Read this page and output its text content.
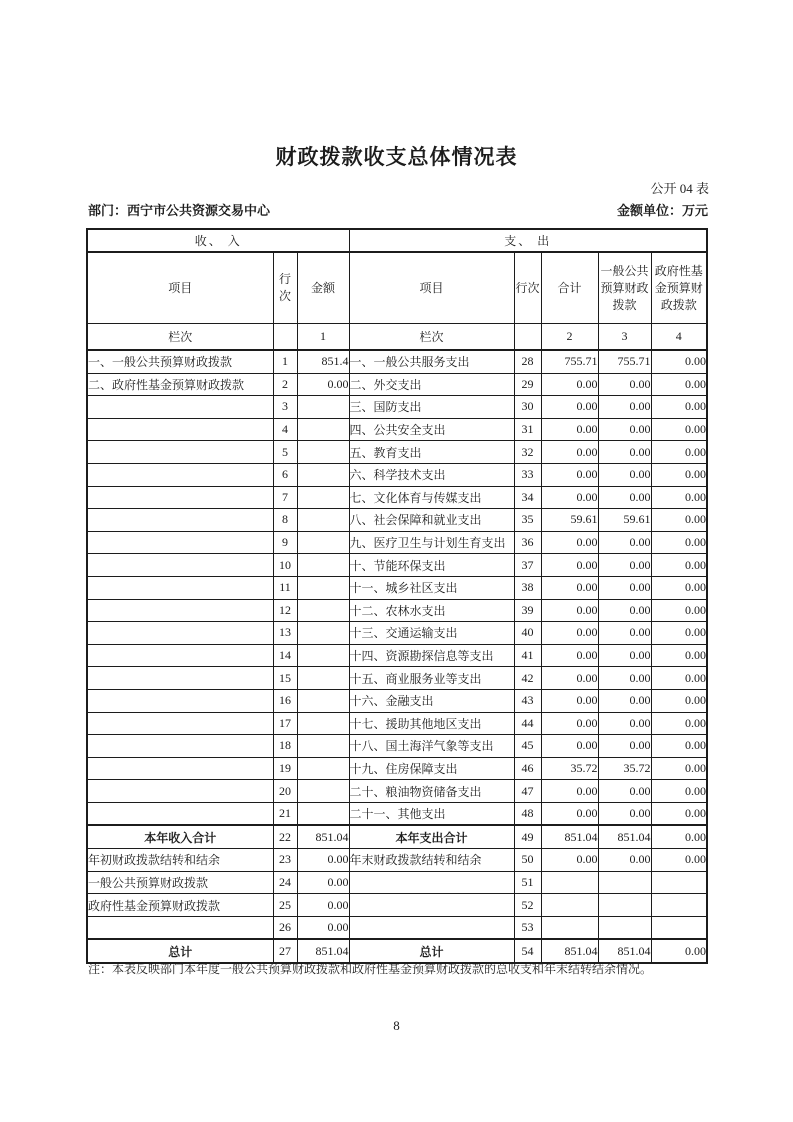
财政拨款收支总体情况表
公开 04 表
部门：西宁市公共资源交易中心	金额单位：万元
收、 入			支、 出				
项目	行次	金额	项目	行次	合计	一般公共预算财政拨款	政府性基金预算财政拨款
栏次		1	栏次		2	3	4
一、一般公共预算财政拨款	1	851.4	一、一般公共服务支出	28	755.71	755.71	0.00
二、政府性基金预算财政拨款	2	0.00	二、外交支出	29	0.00	0.00	0.00
	3		三、国防支出	30	0.00	0.00	0.00
	4		四、公共安全支出	31	0.00	0.00	0.00
	5		五、教育支出	32	0.00	0.00	0.00
	6		六、科学技术支出	33	0.00	0.00	0.00
	7		七、文化体育与传媒支出	34	0.00	0.00	0.00
	8		八、社会保障和就业支出	35	59.61	59.61	0.00
	9		九、医疗卫生与计划生育支出	36	0.00	0.00	0.00
	10		十、节能环保支出	37	0.00	0.00	0.00
	11		十一、城乡社区支出	38	0.00	0.00	0.00
	12		十二、农林水支出	39	0.00	0.00	0.00
	13		十三、交通运输支出	40	0.00	0.00	0.00
	14		十四、资源勘探信息等支出	41	0.00	0.00	0.00
	15		十五、商业服务业等支出	42	0.00	0.00	0.00
	16		十六、金融支出	43	0.00	0.00	0.00
	17		十七、援助其他地区支出	44	0.00	0.00	0.00
	18		十八、国土海洋气象等支出	45	0.00	0.00	0.00
	19		十九、住房保障支出	46	35.72	35.72	0.00
	20		二十、粮油物资储备支出	47	0.00	0.00	0.00
	21		二十一、其他支出	48	0.00	0.00	0.00
本年收入合计	22	851.04	本年支出合计	49	851.04	851.04	0.00
年初财政拨款结转和结余	23	0.00	年末财政拨款结转和结余	50	0.00	0.00	0.00
一般公共预算财政拨款	24	0.00		51			
政府性基金预算财政拨款	25	0.00		52			
	26	0.00		53			
总计	27	851.04	总计	54	851.04	851.04	0.00
注：本表反映部门本年度一般公共预算财政拨款和政府性基金预算财政拨款的总收支和年末结转结余情况。
8
